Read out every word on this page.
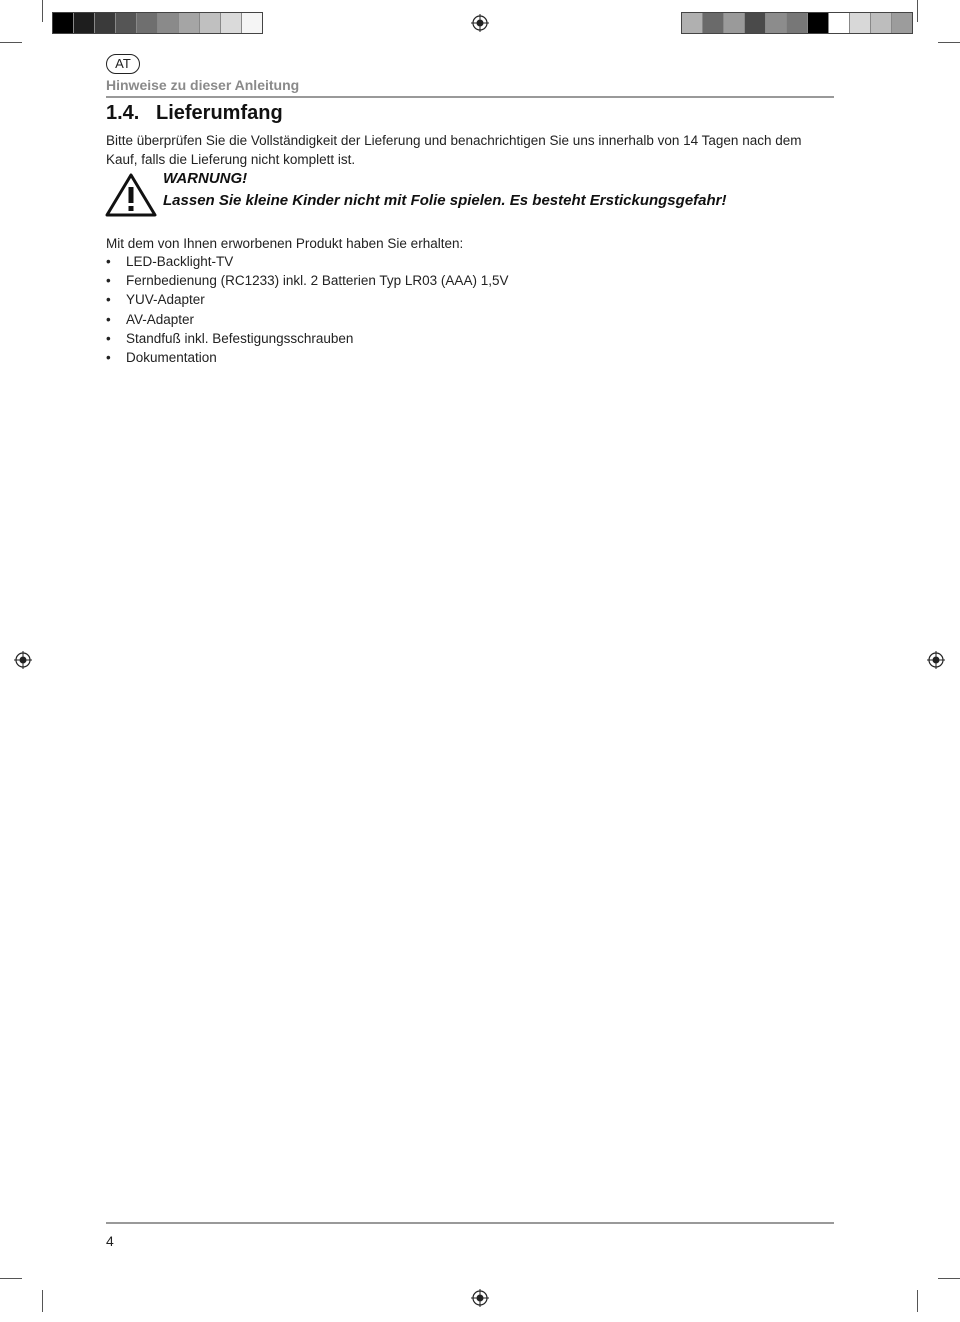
AT
Hinweise zu dieser Anleitung
1.4. Lieferumfang
Bitte überprüfen Sie die Vollständigkeit der Lieferung und benachrichtigen Sie uns innerhalb von 14 Tagen nach dem Kauf, falls die Lieferung nicht komplett ist.
WARNUNG!
Lassen Sie kleine Kinder nicht mit Folie spielen. Es besteht Erstickungsgefahr!
Mit dem von Ihnen erworbenen Produkt haben Sie erhalten:
• LED-Backlight-TV
• Fernbedienung (RC1233) inkl. 2 Batterien Typ LR03 (AAA) 1,5V
• YUV-Adapter
• AV-Adapter
• Standfuß inkl. Befestigungsschrauben
• Dokumentation
4
